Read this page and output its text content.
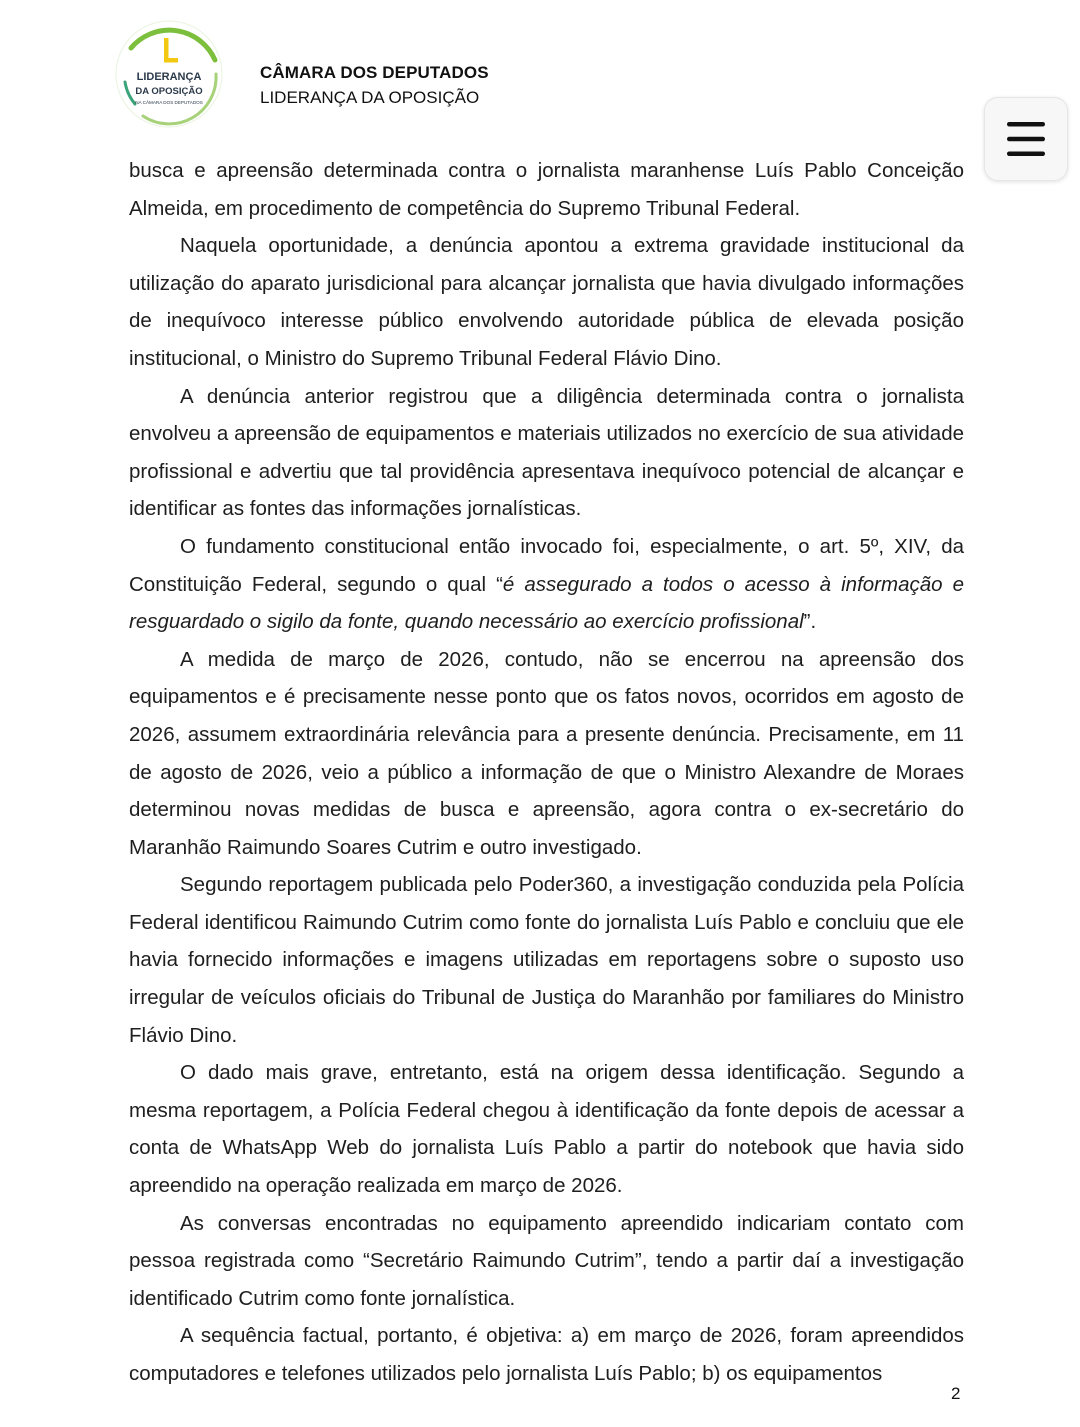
LIDERANÇA
DA OPOSIÇÃO
NA CÂMARA DOS DEPUTADOS
CÂMARA DOS DEPUTADOS
LIDERANÇA DA OPOSIÇÃO

busca e apreensão determinada contra o jornalista maranhense Luís Pablo Conceição Almeida, em procedimento de competência do Supremo Tribunal Federal.

Naquela oportunidade, a denúncia apontou a extrema gravidade institucional da utilização do aparato jurisdicional para alcançar jornalista que havia divulgado informações de inequívoco interesse público envolvendo autoridade pública de elevada posição institucional, o Ministro do Supremo Tribunal Federal Flávio Dino.

A denúncia anterior registrou que a diligência determinada contra o jornalista envolveu a apreensão de equipamentos e materiais utilizados no exercício de sua atividade profissional e advertiu que tal providência apresentava inequívoco potencial de alcançar e identificar as fontes das informações jornalísticas.

O fundamento constitucional então invocado foi, especialmente, o art. 5º, XIV, da Constituição Federal, segundo o qual “é assegurado a todos o acesso à informação e resguardado o sigilo da fonte, quando necessário ao exercício profissional”.

A medida de março de 2026, contudo, não se encerrou na apreensão dos equipamentos e é precisamente nesse ponto que os fatos novos, ocorridos em agosto de 2026, assumem extraordinária relevância para a presente denúncia. Precisamente, em 11 de agosto de 2026, veio a público a informação de que o Ministro Alexandre de Moraes determinou novas medidas de busca e apreensão, agora contra o ex-secretário do Maranhão Raimundo Soares Cutrim e outro investigado.

Segundo reportagem publicada pelo Poder360, a investigação conduzida pela Polícia Federal identificou Raimundo Cutrim como fonte do jornalista Luís Pablo e concluiu que ele havia fornecido informações e imagens utilizadas em reportagens sobre o suposto uso irregular de veículos oficiais do Tribunal de Justiça do Maranhão por familiares do Ministro Flávio Dino.

O dado mais grave, entretanto, está na origem dessa identificação. Segundo a mesma reportagem, a Polícia Federal chegou à identificação da fonte depois de acessar a conta de WhatsApp Web do jornalista Luís Pablo a partir do notebook que havia sido apreendido na operação realizada em março de 2026.

As conversas encontradas no equipamento apreendido indicariam contato com pessoa registrada como “Secretário Raimundo Cutrim”, tendo a partir daí a investigação identificado Cutrim como fonte jornalística.

A sequência factual, portanto, é objetiva: a) em março de 2026, foram apreendidos computadores e telefones utilizados pelo jornalista Luís Pablo; b) os equipamentos

2
